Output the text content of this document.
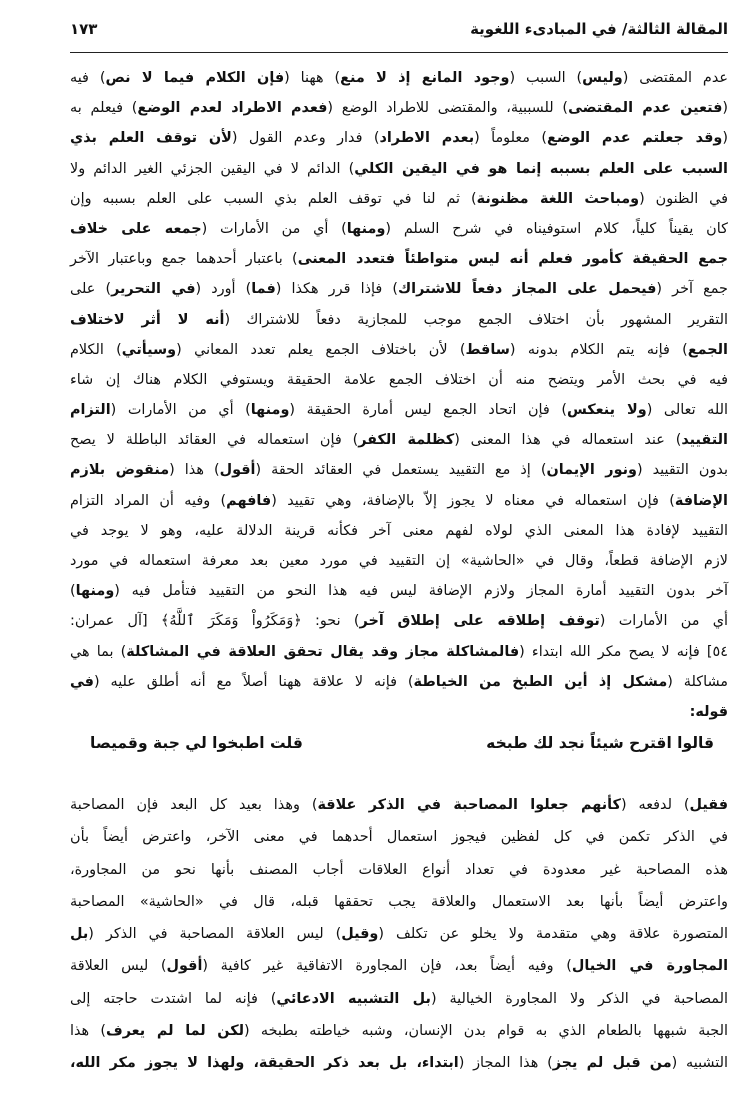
المقالة الثالثة/ في المبادىء اللغوية
١٧٣
عدم المقتضى (وليس) السبب (وجود المانع إذ لا منع) ههنا (فإن الكلام فيما لا نص) فيه
(فتعين عدم المقتضى) للسببية، والمقتضى للاطراد الوضع (فعدم الاطراد لعدم الوضع) فيعلم به
(وقد جعلتم عدم الوضع) معلوماً (بعدم الاطراد) فدار وعدم القول (لأن توقف العلم بذي
السبب على العلم بسببه إنما هو في اليقين الكلي) الدائم لا في اليقين الجزئي الغير الدائم ولا
في الظنون (ومباحث اللغة مظنونة) ثم لنا في توقف العلم بذي السبب على العلم بسببه وإن
كان يقيناً كلياً، كلام استوفيناه في شرح السلم (ومنها) أي من الأمارات (جمعه على خلاف
جمع الحقيقة كأمور فعلم أنه ليس متواطئاً فتعدد المعنى) باعتبار أحدهما جمع وباعتبار الآخر
جمع آخر (فيحمل على المجاز دفعاً للاشتراك) فإذا قرر هكذا (فما) أورد (في التحرير) على
التقرير المشهور بأن اختلاف الجمع موجب للمجازية دفعاً للاشتراك (أنه لا أثر لاختلاف
الجمع) فإنه يتم الكلام بدونه (ساقط) لأن باختلاف الجمع يعلم تعدد المعاني (وسيأتي) الكلام
فيه في بحث الأمر ويتضح منه أن اختلاف الجمع علامة الحقيقة ويستوفي الكلام هناك إن شاء
الله تعالى (ولا ينعكس) فإن اتحاد الجمع ليس أمارة الحقيقة (ومنها) أي من الأمارات (التزام
التقييد) عند استعماله في هذا المعنى (كظلمة الكفر) فإن استعماله في العقائد الباطلة لا يصح
بدون التقييد (ونور الإيمان) إذ مع التقييد يستعمل في العقائد الحقة (أقول) هذا (منقوض بلازم
الإضافة) فإن استعماله في معناه لا يجوز إلاّ بالإضافة، وهي تقييد (فافهم) وفيه أن المراد التزام
التقييد لإفادة هذا المعنى الذي لولاه لفهم معنى آخر فكأنه قرينة الدلالة عليه، وهو لا يوجد في
لازم الإضافة قطعاً، وقال في «الحاشية» إن التقييد في مورد معين بعد معرفة استعماله في مورد
آخر بدون التقييد أمارة المجاز ولازم الإضافة ليس فيه هذا النحو من التقييد فتأمل فيه (ومنها)
أي من الأمارات (توقف إطلاقه على إطلاق آخر) نحو: ﴿وَمَكَرُواْ وَمَكَرَ ٱللَّهُ﴾ [آل عمران:
٥٤] فإنه لا يصح مكر الله ابتداء (فالمشاكلة مجاز وقد يقال تحقق العلاقة في المشاكلة) بما هي
مشاكلة (مشكل إذ أين الطبخ من الخياطة) فإنه لا علاقة ههنا أصلاً مع أنه أطلق عليه (في
قوله:
قالوا اقترح شيئاً نجد لك طبخه
قلت اطبخوا لي جبة وقميصا
فقيل) لدفعه (كأنهم جعلوا المصاحبة في الذكر علاقة) وهذا بعيد كل البعد فإن المصاحبة
في الذكر تكمن في كل لفظين فيجوز استعمال أحدهما في معنى الآخر، واعترض أيضاً بأن
هذه المصاحبة غير معدودة في تعداد أنواع العلاقات أجاب المصنف بأنها نحو من المجاورة،
واعترض أيضاً بأنها بعد الاستعمال والعلاقة يجب تحققها قبله، قال في «الحاشية» المصاحبة
المتصورة علاقة وهي متقدمة ولا يخلو عن تكلف (وقيل) ليس العلاقة المصاحبة في الذكر (بل
المجاورة في الخيال) وفيه أيضاً بعد، فإن المجاورة الاتفاقية غير كافية (أقول) ليس العلاقة
المصاحبة في الذكر ولا المجاورة الخيالية (بل التشبيه الادعائي) فإنه لما اشتدت حاجته إلى
الجبة شبهها بالطعام الذي به قوام بدن الإنسان، وشبه خياطته بطبخه (لكن لما لم يعرف) هذا
التشبيه (من قبل لم يجز) هذا المجاز (ابتداء، بل بعد ذكر الحقيقة، ولهذا لا يجوز مكر الله،
